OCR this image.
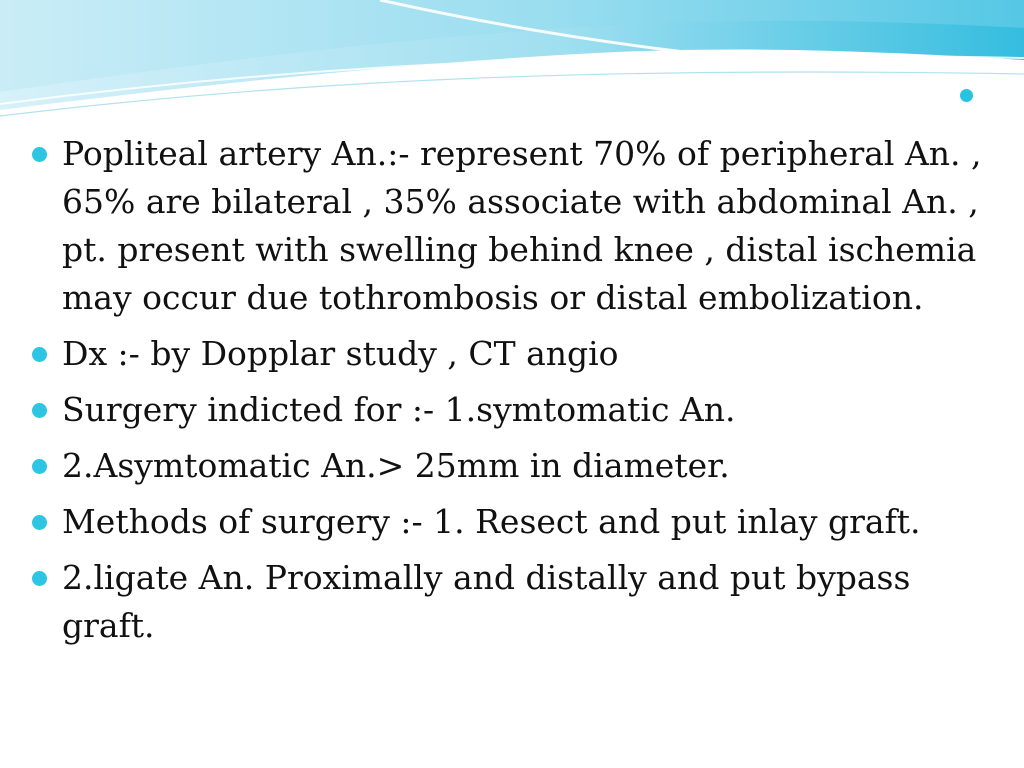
Popliteal artery An.:- represent 70% of peripheral An. , 65% are bilateral , 35% associate with abdominal An. , pt. present with swelling behind knee , distal ischemia may occur due tothrombosis or distal embolization.
Dx :- by Dopplar study , CT angio
Surgery indicted for :- 1.symtomatic An.
2.Asymtomatic An.> 25mm in diameter.
Methods of surgery :- 1. Resect and put inlay graft.
2.ligate An. Proximally and distally and put bypass graft.
